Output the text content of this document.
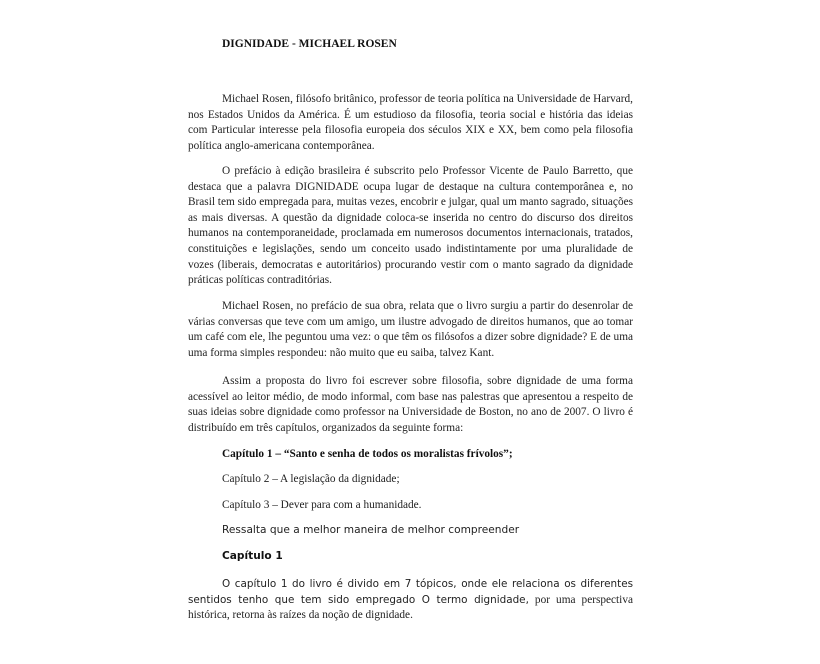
DIGNIDADE - MICHAEL ROSEN

Michael Rosen, filósofo britânico, professor de teoria política na Universidade de Harvard, nos Estados Unidos da América. É um estudioso da filosofia, teoria social e história das ideias com Particular interesse pela filosofia europeia dos séculos XIX e XX, bem como pela filosofia política anglo-americana contemporânea.

O prefácio à edição brasileira é subscrito pelo Professor Vicente de Paulo Barretto, que destaca que a palavra DIGNIDADE ocupa lugar de destaque na cultura contemporânea e, no Brasil tem sido empregada para, muitas vezes, encobrir e julgar, qual um manto sagrado, situações as mais diversas. A questão da dignidade coloca-se inserida no centro do discurso dos direitos humanos na contemporaneidade, proclamada em numerosos documentos internacionais, tratados, constituições e legislações, sendo um conceito usado indistintamente por uma pluralidade de vozes (liberais, democratas e autoritários) procurando vestir com o manto sagrado da dignidade práticas políticas contraditórias.

Michael Rosen, no prefácio de sua obra, relata que o livro surgiu a partir do desenrolar de várias conversas que teve com um amigo, um ilustre advogado de direitos humanos, que ao tomar um café com ele, lhe peguntou uma vez: o que têm os filósofos a dizer sobre dignidade? E de uma uma forma simples respondeu: não muito que eu saiba, talvez Kant.

Assim a proposta do livro foi escrever sobre filosofia, sobre dignidade de uma forma acessível ao leitor médio, de modo informal, com base nas palestras que apresentou a respeito de suas ideias sobre dignidade como professor na Universidade de Boston, no ano de 2007. O livro é distribuído em três capítulos, organizados da seguinte forma:

Capítulo 1 – “Santo e senha de todos os moralistas frívolos”;
Capítulo 2 – A legislação da dignidade;
Capítulo 3 – Dever para com a humanidade.
Ressalta que a melhor maneira de melhor compreender
Capítulo 1

O capítulo 1 do livro é divido em 7 tópicos, onde ele relaciona os diferentes sentidos tenho que tem sido empregado O termo dignidade, por uma perspectiva histórica, retorna às raízes da noção de dignidade.
